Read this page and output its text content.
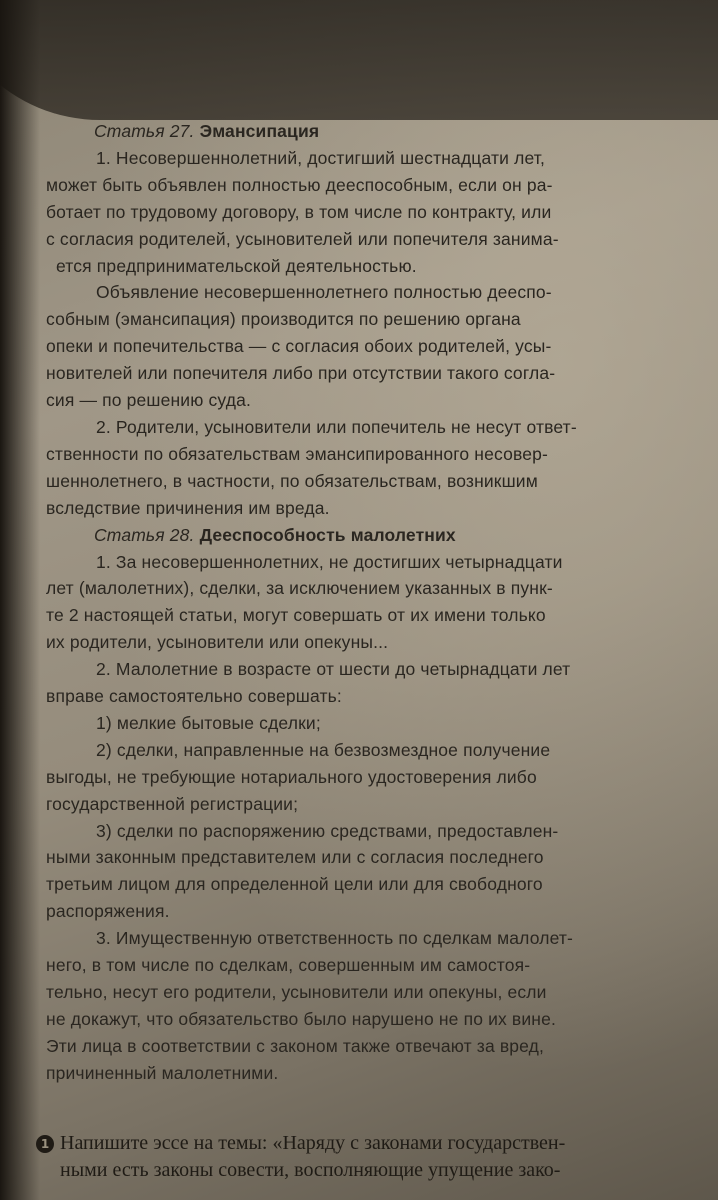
Статья 27. Эмансипация
1. Несовершеннолетний, достигший шестнадцати лет,
может быть объявлен полностью дееспособным, если он ра-
ботает по трудовому договору, в том числе по контракту, или
с согласия родителей, усыновителей или попечителя занима-
ется предпринимательской деятельностью.
Объявление несовершеннолетнего полностью дееспо-
собным (эмансипация) производится по решению органа
опеки и попечительства — с согласия обоих родителей, усы-
новителей или попечителя либо при отсутствии такого согла-
сия — по решению суда.
2. Родители, усыновители или попечитель не несут ответ-
ственности по обязательствам эмансипированного несовер-
шеннолетнего, в частности, по обязательствам, возникшим
вследствие причинения им вреда.
Статья 28. Дееспособность малолетних
1. За несовершеннолетних, не достигших четырнадцати
лет (малолетних), сделки, за исключением указанных в пунк-
те 2 настоящей статьи, могут совершать от их имени только
их родители, усыновители или опекуны...
2. Малолетние в возрасте от шести до четырнадцати лет
вправе самостоятельно совершать:
1) мелкие бытовые сделки;
2) сделки, направленные на безвозмездное получение
выгоды, не требующие нотариального удостоверения либо
государственной регистрации;
3) сделки по распоряжению средствами, предоставлен-
ными законным представителем или с согласия последнего
третьим лицом для определенной цели или для свободного
распоряжения.
3. Имущественную ответственность по сделкам малолет-
него, в том числе по сделкам, совершенным им самостоя-
тельно, несут его родители, усыновители или опекуны, если
не докажут, что обязательство было нарушено не по их вине.
Эти лица в соответствии с законом также отвечают за вред,
причиненный малолетними.
1 Напишите эссе на темы: «Наряду с законами государствен-
ными есть законы совести, восполняющие упущение зако-
